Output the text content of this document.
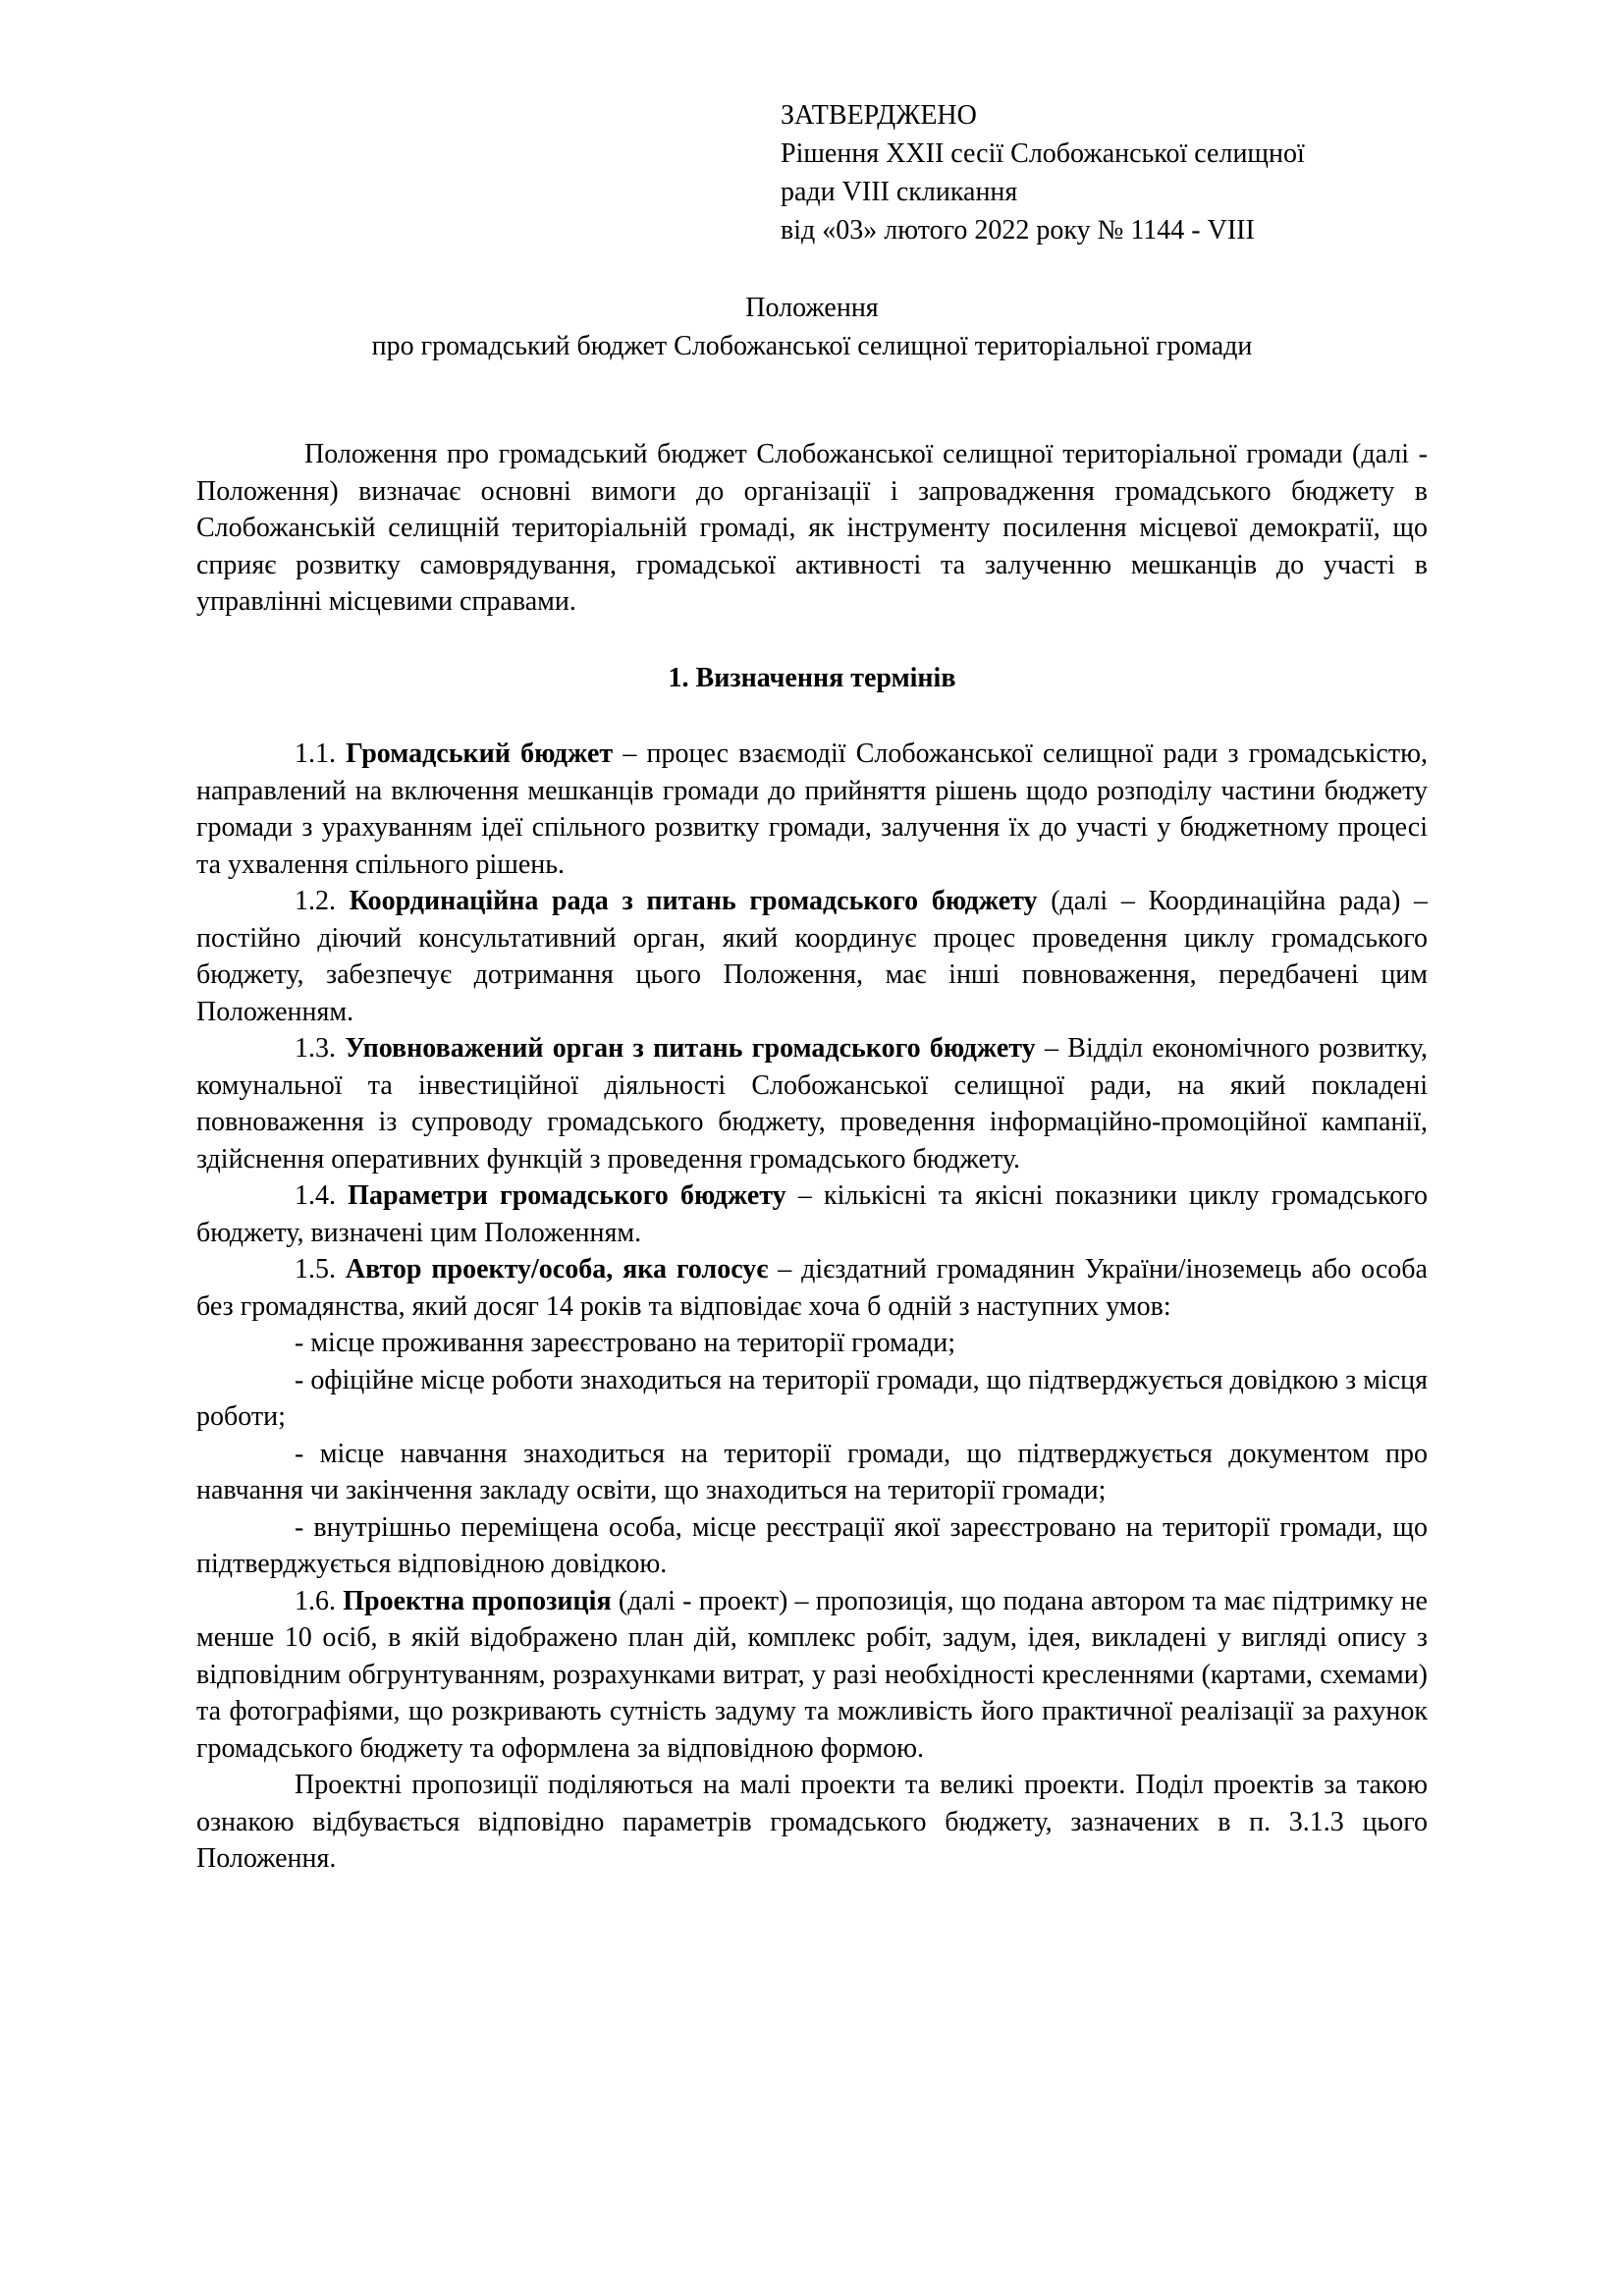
ЗАТВЕРДЖЕНО
Рішення XXII сесії Слобожанської селищної
ради VIII скликання
від «03» лютого 2022 року № 1144 - VIII
Положення
про громадський бюджет Слобожанської селищної територіальної громади

Положення про громадський бюджет Слобожанської селищної територіальної громади (далі - Положення) визначає основні вимоги до організації і запровадження громадського бюджету в Слобожанській селищній територіальній громаді, як інструменту посилення місцевої демократії, що сприяє розвитку самоврядування, громадської активності та залученню мешканців до участі в управлінні місцевими справами.

1. Визначення термінів

1.1. Громадський бюджет – процес взаємодії Слобожанської селищної ради з громадськістю, направлений на включення мешканців громади до прийняття рішень щодо розподілу частини бюджету громади з урахуванням ідеї спільного розвитку громади, залучення їх до участі у бюджетному процесі та ухвалення спільного рішень.

1.2. Координаційна рада з питань громадського бюджету (далі – Координаційна рада) – постійно діючий консультативний орган, який координує процес проведення циклу громадського бюджету, забезпечує дотримання цього Положення, має інші повноваження, передбачені цим Положенням.

1.3. Уповноважений орган з питань громадського бюджету – Відділ економічного розвитку, комунальної та інвестиційної діяльності Слобожанської селищної ради, на який покладені повноваження із супроводу громадського бюджету, проведення інформаційно-промоційної кампанії, здійснення оперативних функцій з проведення громадського бюджету.

1.4. Параметри громадського бюджету – кількісні та якісні показники циклу громадського бюджету, визначені цим Положенням.

1.5. Автор проекту/особа, яка голосує – дієздатний громадянин України/іноземець або особа без громадянства, який досяг 14 років та відповідає хоча б одній з наступних умов:

- місце проживання зареєстровано на території громади;

- офіційне місце роботи знаходиться на території громади, що підтверджується довідкою з місця роботи;

- місце навчання знаходиться на території громади, що підтверджується документом про навчання чи закінчення закладу освіти, що знаходиться на території громади;

- внутрішньо переміщена особа, місце реєстрації якої зареєстровано на території громади, що підтверджується відповідною довідкою.

1.6. Проектна пропозиція (далі - проект) – пропозиція, що подана автором та має підтримку не менше 10 осіб, в якій відображено план дій, комплекс робіт, задум, ідея, викладені у вигляді опису з відповідним обгрунтуванням, розрахунками витрат, у разі необхідності кресленнями (картами, схемами) та фотографіями, що розкривають сутність задуму та можливість його практичної реалізації за рахунок громадського бюджету та оформлена за відповідною формою.

Проектні пропозиції поділяються на малі проекти та великі проекти. Поділ проектів за такою ознакою відбувається відповідно параметрів громадського бюджету, зазначених в п. 3.1.3 цього Положення.
